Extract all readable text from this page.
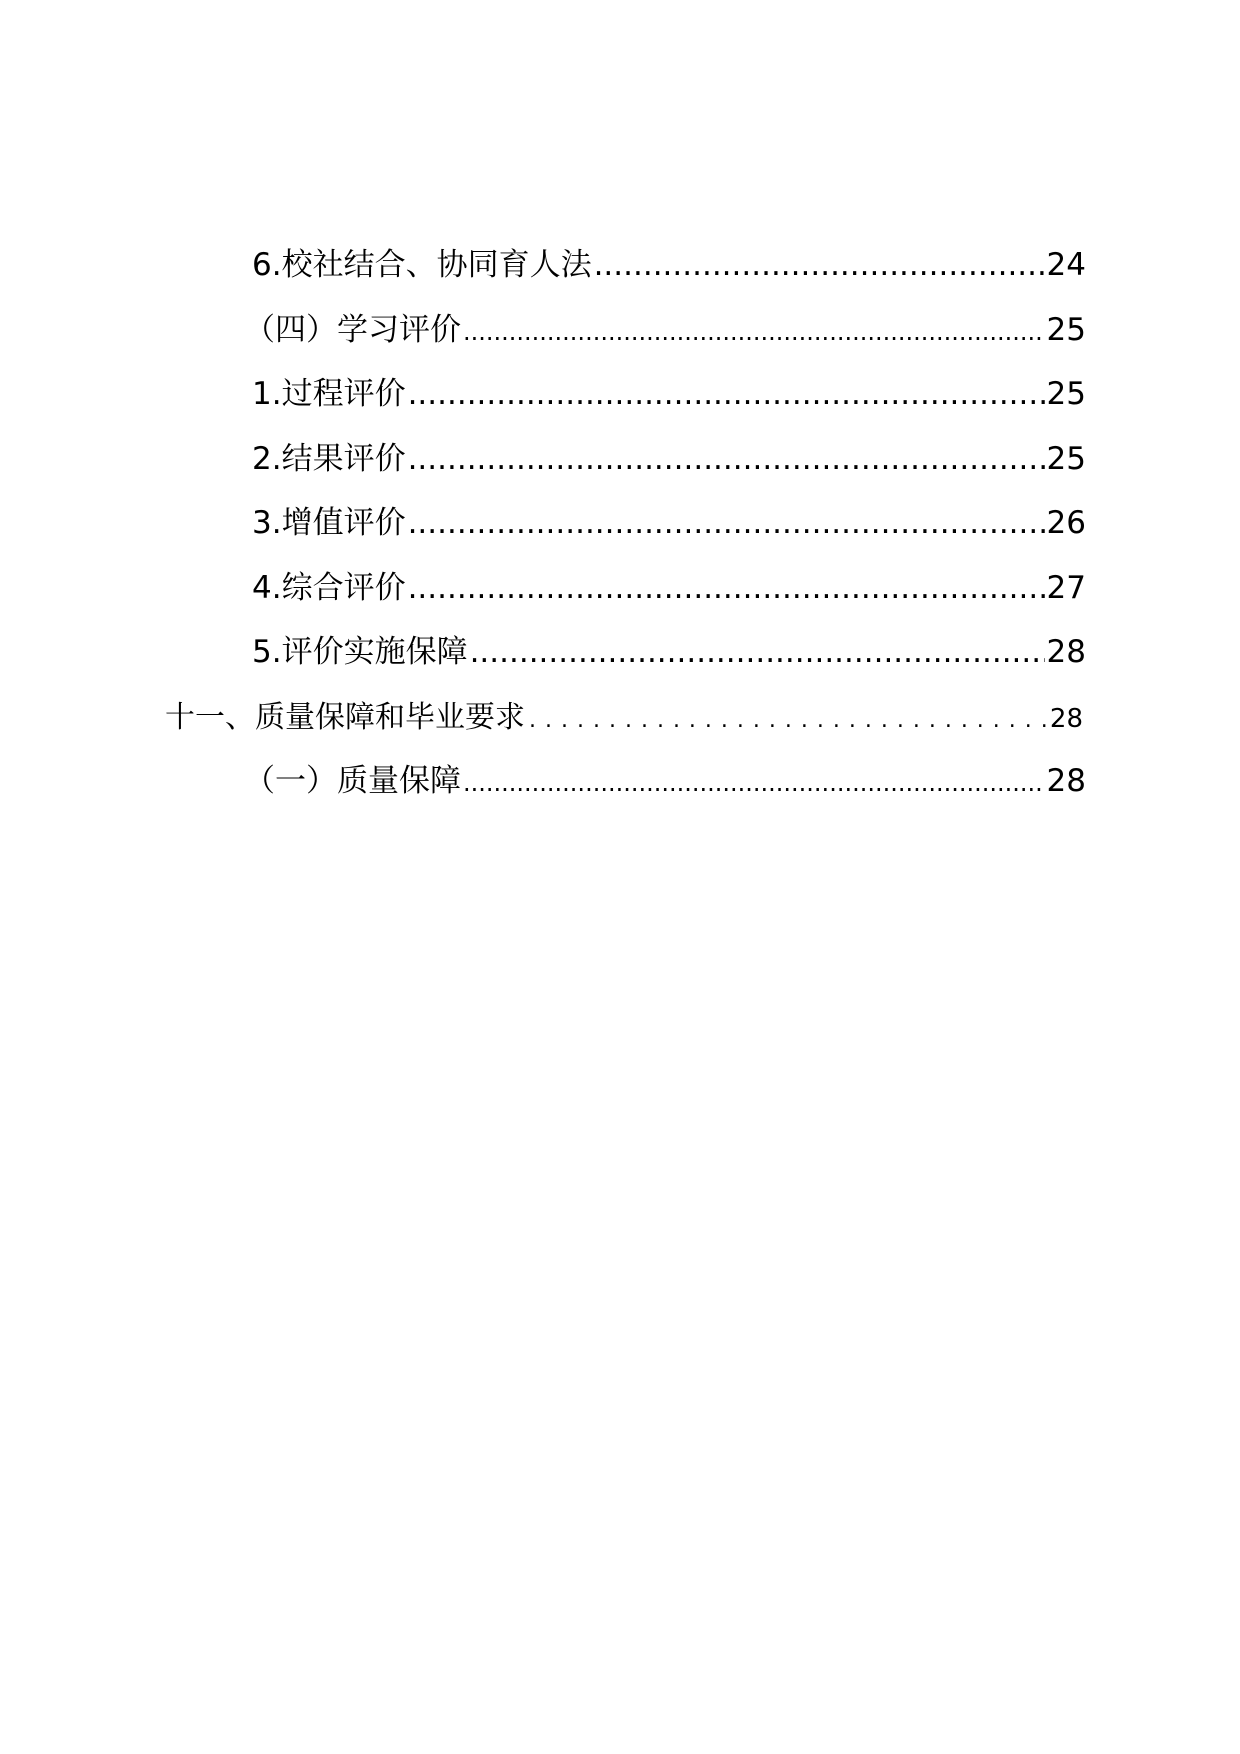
6.校社结合、协同育人法 .....	24
（四）学习评价 .....	25
1.过程评价 .....	25
2.结果评价 .....	25
3.增值评价 .....	26
4.综合评价 .....	27
5.评价实施保障 .....	28
十一、质量保障和毕业要求 .....	28
（一）质量保障 .....	28
